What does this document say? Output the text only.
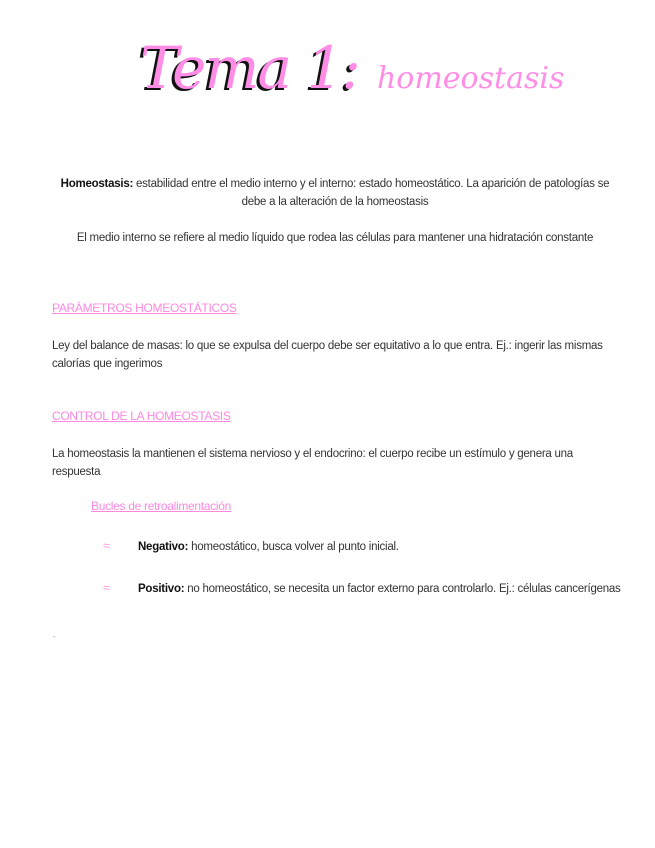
Tema 1: homeostasis
Homeostasis: estabilidad entre el medio interno y el interno: estado homeostático. La aparición de patologías se debe a la alteración de la homeostasis
El medio interno se refiere al medio líquido que rodea las células para mantener una hidratación constante
PARÁMETROS HOMEOSTÁTICOS
Ley del balance de masas: lo que se expulsa del cuerpo debe ser equitativo a lo que entra. Ej.: ingerir las mismas calorías que ingerimos
CONTROL DE LA HOMEOSTASIS
La homeostasis la mantienen el sistema nervioso y el endocrino: el cuerpo recibe un estímulo y genera una respuesta
Bucles de retroalimentación
≈ Negativo: homeostático, busca volver al punto inicial.
≈ Positivo: no homeostático, se necesita un factor externo para controlarlo. Ej.: células cancerígenas
-
